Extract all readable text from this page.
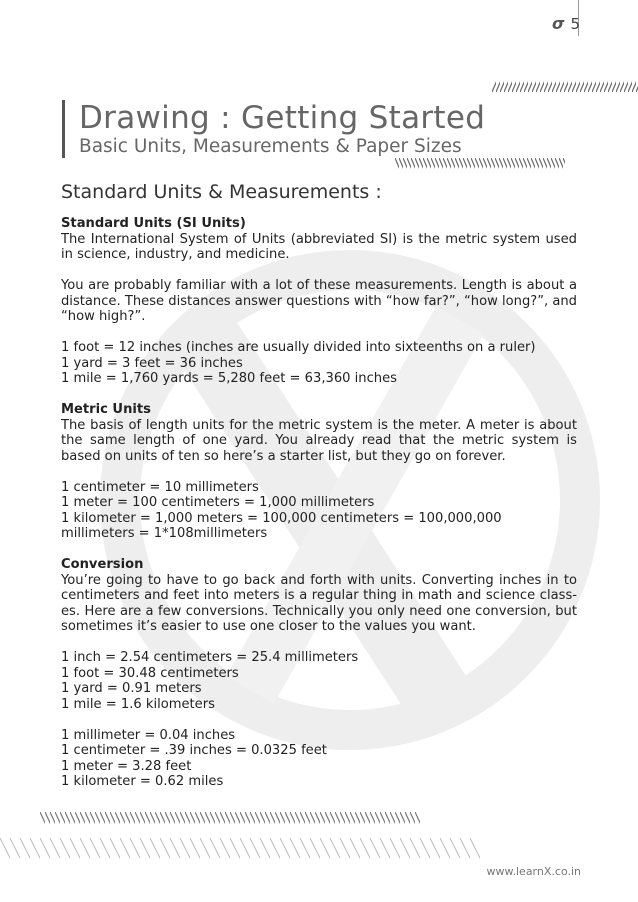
σ 5
Drawing : Getting Started
Basic Units, Measurements & Paper Sizes
Standard Units & Measurements :
Standard Units (SI Units)

The International System of Units (abbreviated SI) is the metric system used in science, industry, and medicine.

You are probably familiar with a lot of these measurements. Length is about a distance. These distances answer questions with “how far?”, “how long?”, and “how high?”.

1 foot = 12 inches (inches are usually divided into sixteenths on a ruler)
1 yard = 3 feet = 36 inches
1 mile = 1,760 yards = 5,280 feet = 63,360 inches
Metric Units

The basis of length units for the metric system is the meter. A meter is about the same length of one yard. You already read that the metric system is based on units of ten so here’s a starter list, but they go on forever.

1 centimeter = 10 millimeters
1 meter = 100 centimeters = 1,000 millimeters
1 kilometer = 1,000 meters = 100,000 centimeters = 100,000,000 millimeters = 1*108millimeters
Conversion

You’re going to have to go back and forth with units. Converting inches in to centimeters and feet into meters is a regular thing in math and science class-es. Here are a few conversions. Technically you only need one conversion, but sometimes it’s easier to use one closer to the values you want.

1 inch = 2.54 centimeters = 25.4 millimeters
1 foot = 30.48 centimeters
1 yard = 0.91 meters
1 mile = 1.6 kilometers
1 millimeter = 0.04 inches
1 centimeter = .39 inches = 0.0325 feet
1 meter = 3.28 feet
1 kilometer = 0.62 miles
www.learnX.co.in
